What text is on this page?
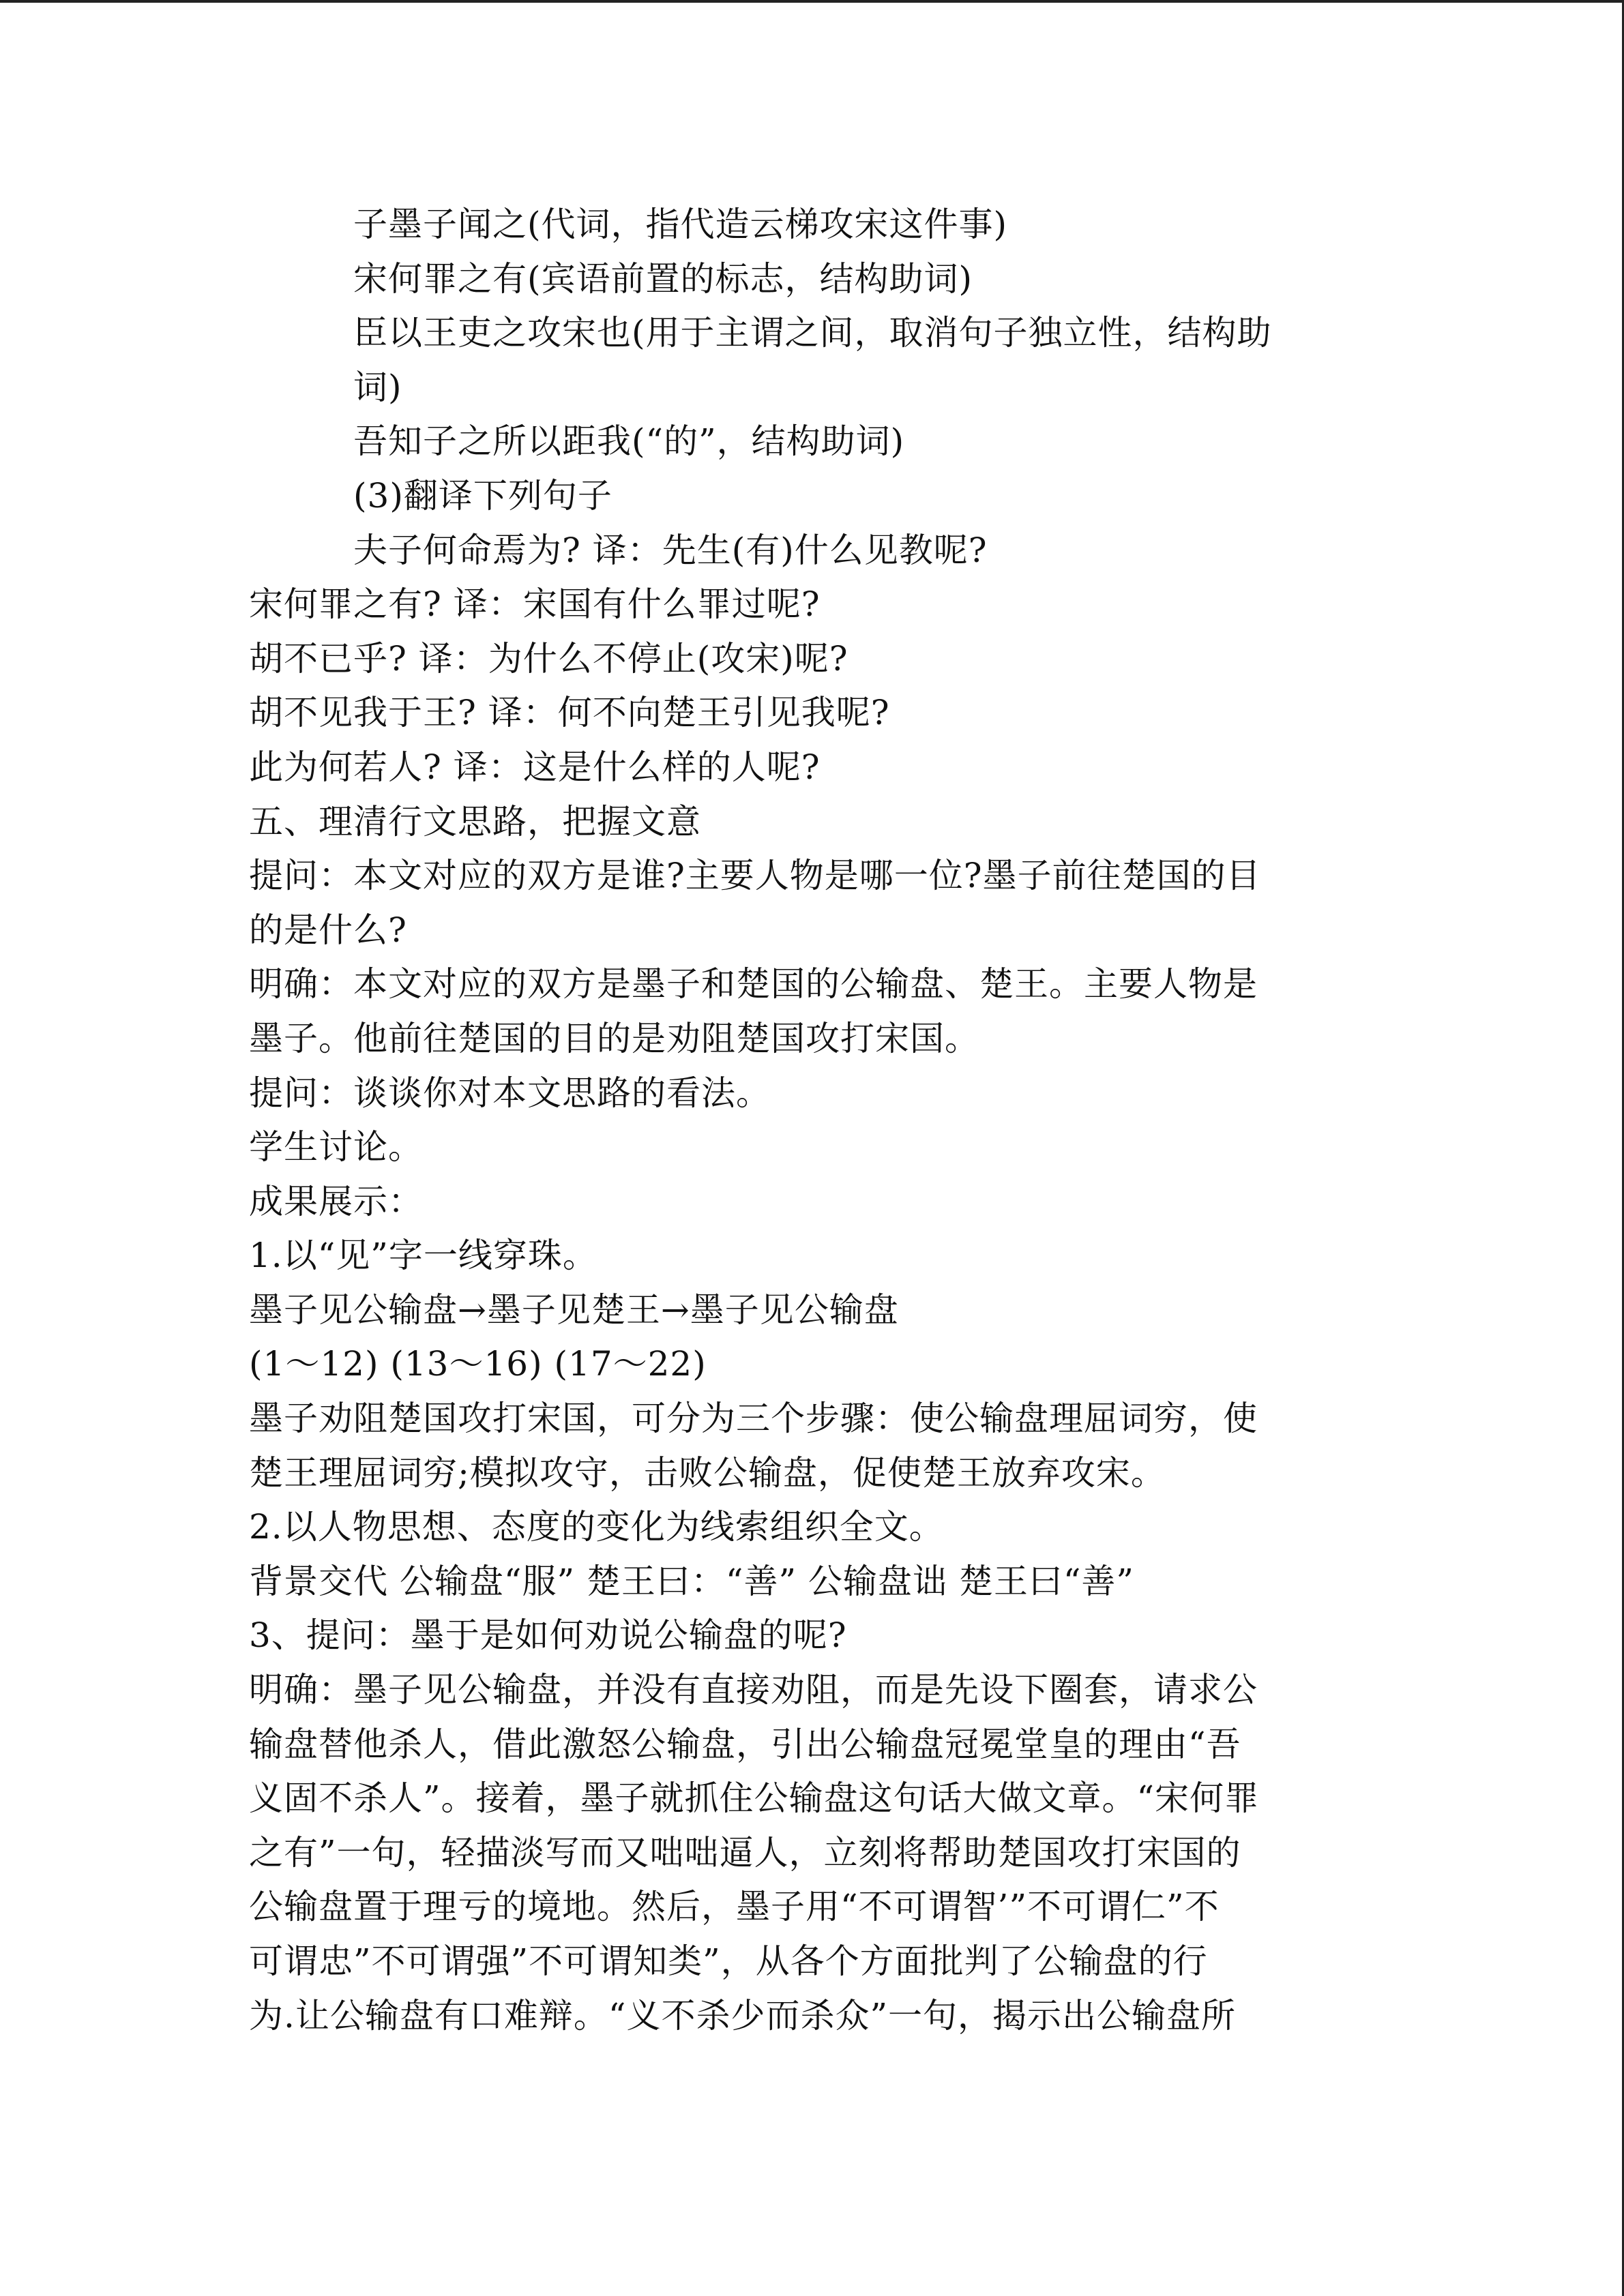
子墨子闻之(代词，指代造云梯攻宋这件事)
宋何罪之有(宾语前置的标志，结构助词)
臣以王吏之攻宋也(用于主谓之间，取消句子独立性，结构助
词)
吾知子之所以距我(“的”，结构助词)
(3)翻译下列句子
夫子何命焉为? 译：先生(有)什么见教呢?
宋何罪之有? 译：宋国有什么罪过呢?
胡不已乎? 译：为什么不停止(攻宋)呢?
胡不见我于王? 译：何不向楚王引见我呢?
此为何若人? 译：这是什么样的人呢?
五、理清行文思路，把握文意
提问：本文对应的双方是谁?主要人物是哪一位?墨子前往楚国的目
的是什么?
明确：本文对应的双方是墨子和楚国的公输盘、楚王。主要人物是
墨子。他前往楚国的目的是劝阻楚国攻打宋国。
提问：谈谈你对本文思路的看法。
学生讨论。
成果展示：
1.以“见”字一线穿珠。
墨子见公输盘→墨子见楚王→墨子见公输盘
(1～12) (13～16) (17～22)
墨子劝阻楚国攻打宋国，可分为三个步骤：使公输盘理屈词穷，使
楚王理屈词穷;模拟攻守，击败公输盘，促使楚王放弃攻宋。
2.以人物思想、态度的变化为线索组织全文。
背景交代 公输盘“服” 楚王曰：“善” 公输盘诎 楚王曰“善”
3、提问：墨于是如何劝说公输盘的呢?
明确：墨子见公输盘，并没有直接劝阻，而是先设下圈套，请求公
输盘替他杀人，借此激怒公输盘，引出公输盘冠冕堂皇的理由“吾
义固不杀人”。接着，墨子就抓住公输盘这句话大做文章。“宋何罪
之有”一句，轻描淡写而又咄咄逼人，立刻将帮助楚国攻打宋国的
公输盘置于理亏的境地。然后，墨子用“不可谓智’”不可谓仁”不
可谓忠”不可谓强”不可谓知类”，从各个方面批判了公输盘的行
为.让公输盘有口难辩。“义不杀少而杀众”一句，揭示出公输盘所
